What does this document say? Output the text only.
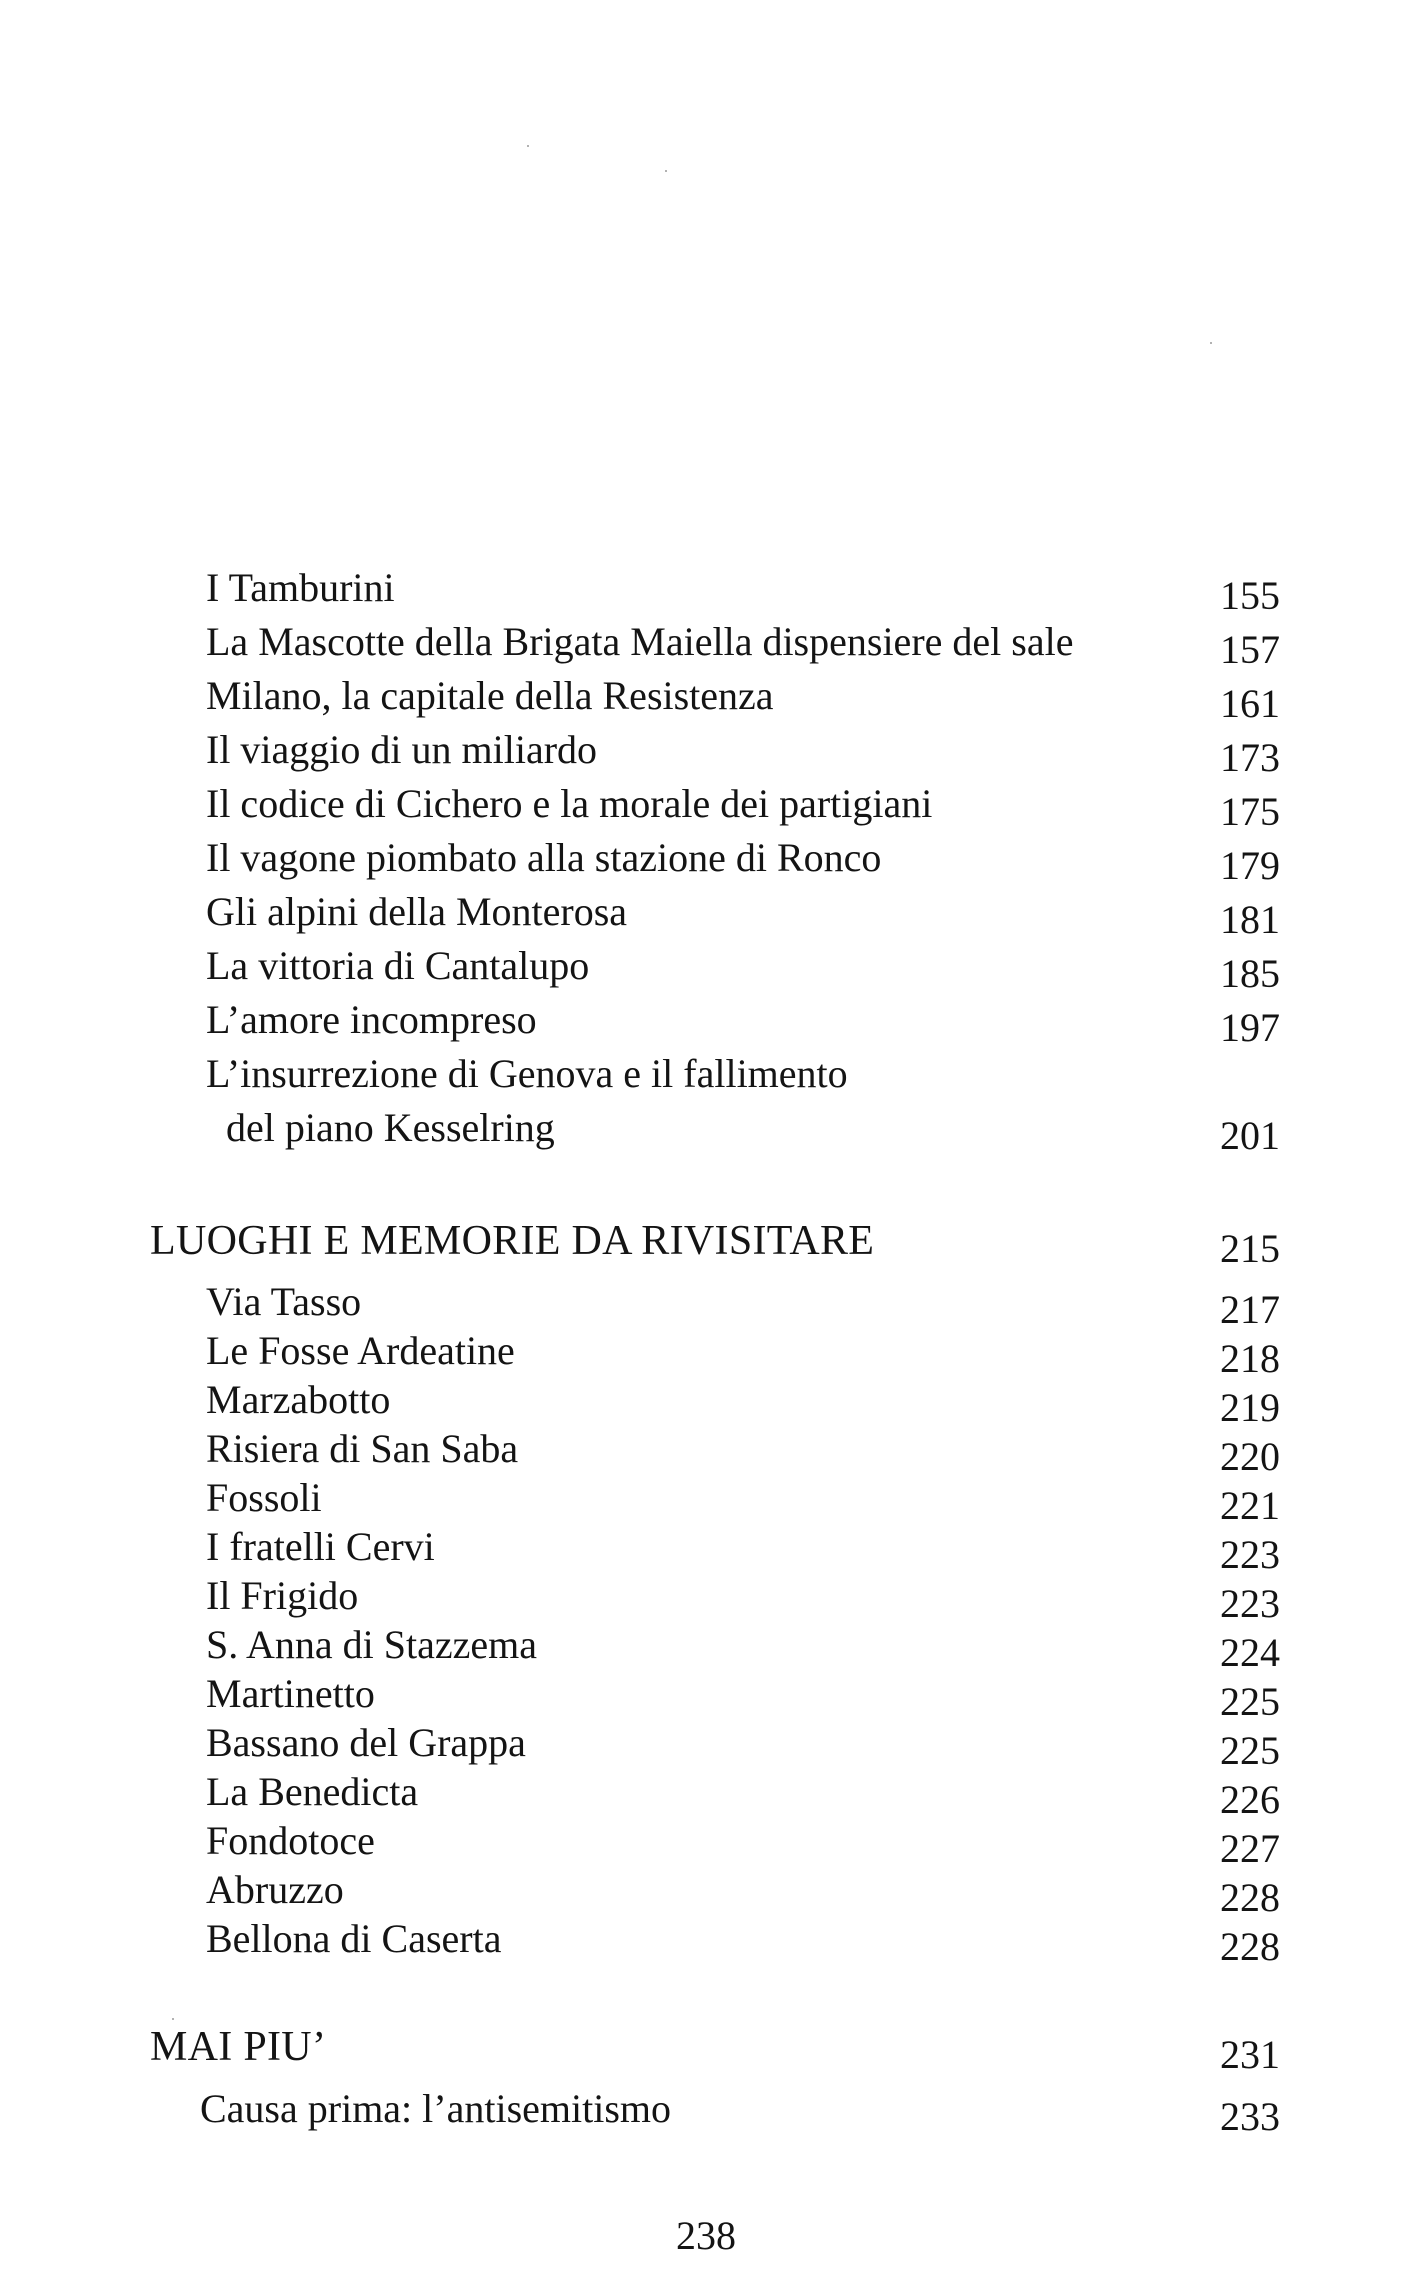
I Tamburini	155
La Mascotte della Brigata Maiella dispensiere del sale	157
Milano, la capitale della Resistenza	161
Il viaggio di un miliardo	173
Il codice di Cichero e la morale dei partigiani	175
Il vagone piombato alla stazione di Ronco	179
Gli alpini della Monterosa	181
La vittoria di Cantalupo	185
L’amore incompreso	197
L’insurrezione di Genova e il fallimento
del piano Kesselring	201
LUOGHI E MEMORIE DA RIVISITARE	215
Via Tasso	217
Le Fosse Ardeatine	218
Marzabotto	219
Risiera di San Saba	220
Fossoli	221
I fratelli Cervi	223
Il Frigido	223
S. Anna di Stazzema	224
Martinetto	225
Bassano del Grappa	225
La Benedicta	226
Fondotoce	227
Abruzzo	228
Bellona di Caserta	228
MAI PIU’	231
Causa prima: l’antisemitismo	233
238
